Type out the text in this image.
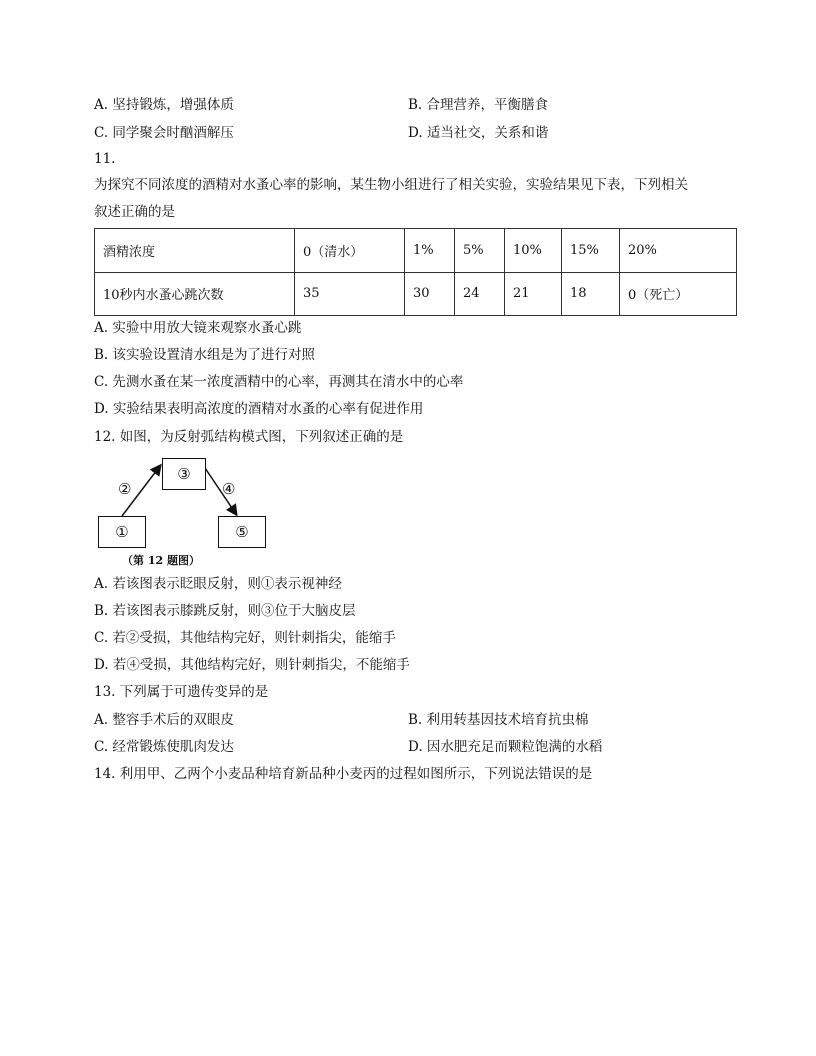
A. 坚持锻炼，增强体质	B. 合理营养，平衡膳食
C. 同学聚会时酗酒解压	D. 适当社交，关系和谐
11.
为探究不同浓度的酒精对水蚤心率的影响，某生物小组进行了相关实验，实验结果见下表，下列相关
叙述正确的是
酒精浓度	0（清水）	1%	5%	10%	15%	20%
10秒内水蚤心跳次数	35	30	24	21	18	0（死亡）
A. 实验中用放大镜来观察水蚤心跳
B. 该实验设置清水组是为了进行对照
C. 先测水蚤在某一浓度酒精中的心率，再测其在清水中的心率
D. 实验结果表明高浓度的酒精对水蚤的心率有促进作用
12. 如图，为反射弧结构模式图，下列叙述正确的是
①
②
③
④
⑤
（第 12 题图）
A. 若该图表示眨眼反射，则①表示视神经
B. 若该图表示膝跳反射，则③位于大脑皮层
C. 若②受损，其他结构完好，则针刺指尖，能缩手
D. 若④受损，其他结构完好，则针刺指尖，不能缩手
13. 下列属于可遗传变异的是
A. 整容手术后的双眼皮	B. 利用转基因技术培育抗虫棉
C. 经常锻炼使肌肉发达	D. 因水肥充足而颗粒饱满的水稻
14. 利用甲、乙两个小麦品种培育新品种小麦丙的过程如图所示，下列说法错误的是
